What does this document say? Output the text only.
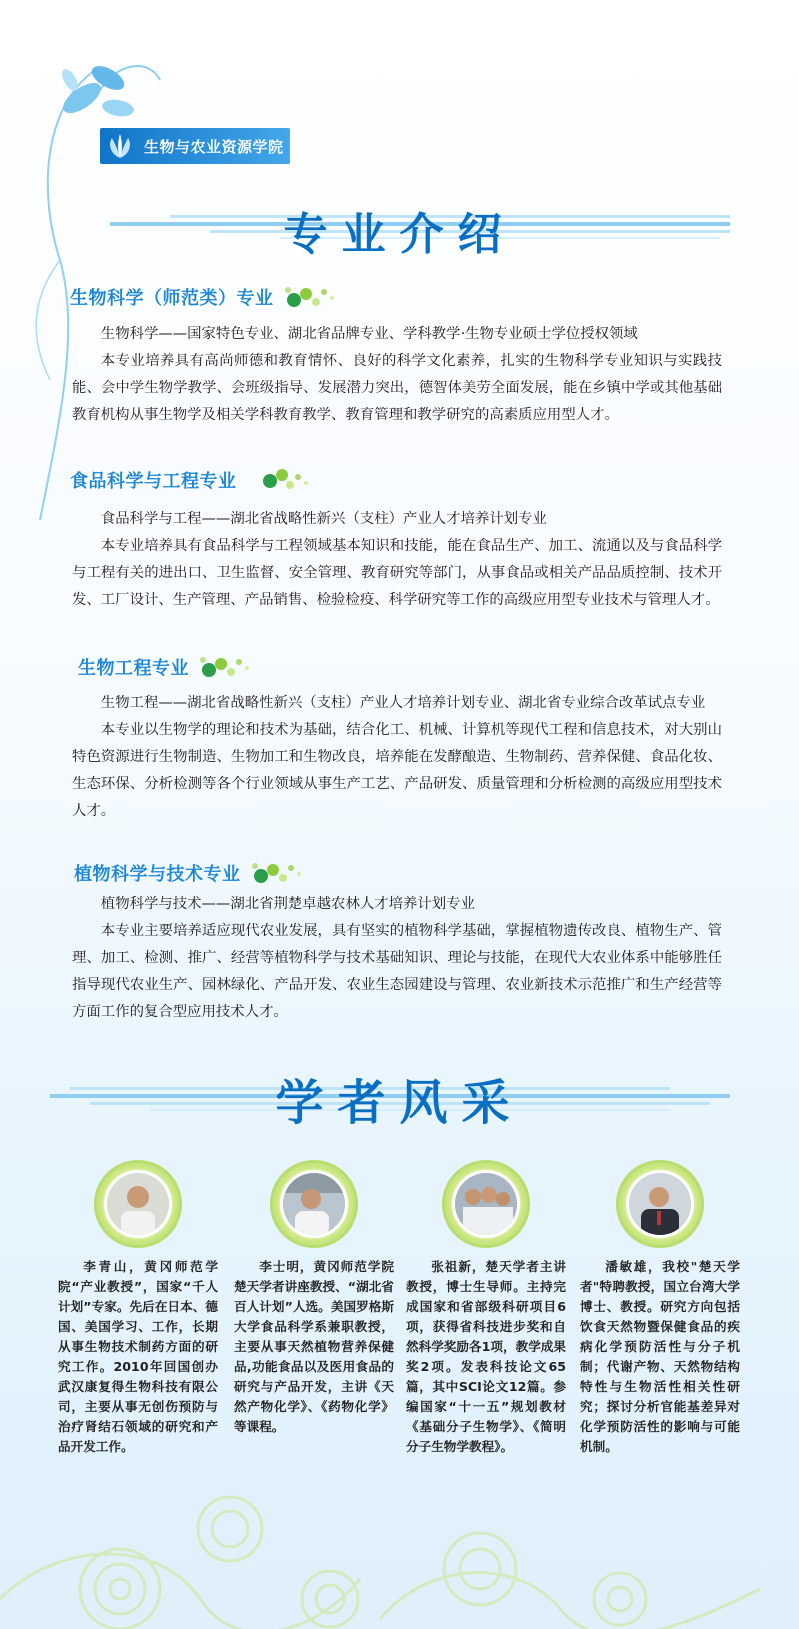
生物与农业资源学院
专业介绍
生物科学（师范类）专业

生物科学——国家特色专业、湖北省品牌专业、学科教学·生物专业硕士学位授权领域

本专业培养具有高尚师德和教育情怀、良好的科学文化素养，扎实的生物科学专业知识与实践技能、会中学生物学教学、会班级指导、发展潜力突出，德智体美劳全面发展，能在乡镇中学或其他基础教育机构从事生物学及相关学科教育教学、教育管理和教学研究的高素质应用型人才。

食品科学与工程专业

食品科学与工程——湖北省战略性新兴（支柱）产业人才培养计划专业

本专业培养具有食品科学与工程领域基本知识和技能，能在食品生产、加工、流通以及与食品科学与工程有关的进出口、卫生监督、安全管理、教育研究等部门，从事食品或相关产品品质控制、技术开发、工厂设计、生产管理、产品销售、检验检疫、科学研究等工作的高级应用型专业技术与管理人才。

生物工程专业

生物工程——湖北省战略性新兴（支柱）产业人才培养计划专业、湖北省专业综合改革试点专业

本专业以生物学的理论和技术为基础，结合化工、机械、计算机等现代工程和信息技术，对大别山特色资源进行生物制造、生物加工和生物改良，培养能在发酵酿造、生物制药、营养保健、食品化妆、生态环保、分析检测等各个行业领域从事生产工艺、产品研发、质量管理和分析检测的高级应用型技术人才。

植物科学与技术专业

植物科学与技术——湖北省荆楚卓越农林人才培养计划专业

本专业主要培养适应现代农业发展，具有坚实的植物科学基础，掌握植物遗传改良、植物生产、管理、加工、检测、推广、经营等植物科学与技术基础知识、理论与技能，在现代大农业体系中能够胜任指导现代农业生产、园林绿化、产品开发、农业生态园建设与管理、农业新技术示范推广和生产经营等方面工作的复合型应用技术人才。

学者风采

李青山，黄冈师范学院“产业教授”，国家“千人计划”专家。先后在日本、德国、美国学习、工作，长期从事生物技术制药方面的研究工作。2010年回国创办武汉康复得生物科技有限公司，主要从事无创伤预防与治疗肾结石领域的研究和产品开发工作。

李士明，黄冈师范学院楚天学者讲座教授、“湖北省百人计划”人选。美国罗格斯大学食品科学系兼职教授，主要从事天然植物营养保健品,功能食品以及医用食品的研究与产品开发，主讲《天然产物化学》、《药物化学》等课程。

张祖新，楚天学者主讲教授，博士生导师。主持完成国家和省部级科研项目6项，获得省科技进步奖和自然科学奖励各1项，教学成果奖2项。发表科技论文65篇，其中SCI论文12篇。参编国家“十一五”规划教材《基础分子生物学》、《简明分子生物学教程》。

潘敏雄，我校"楚天学者"特聘教授，国立台湾大学博士、教授。研究方向包括饮食天然物暨保健食品的疾病化学预防活性与分子机制；代谢产物、天然物结构特性与生物活性相关性研究；探讨分析官能基差异对化学预防活性的影响与可能机制。
